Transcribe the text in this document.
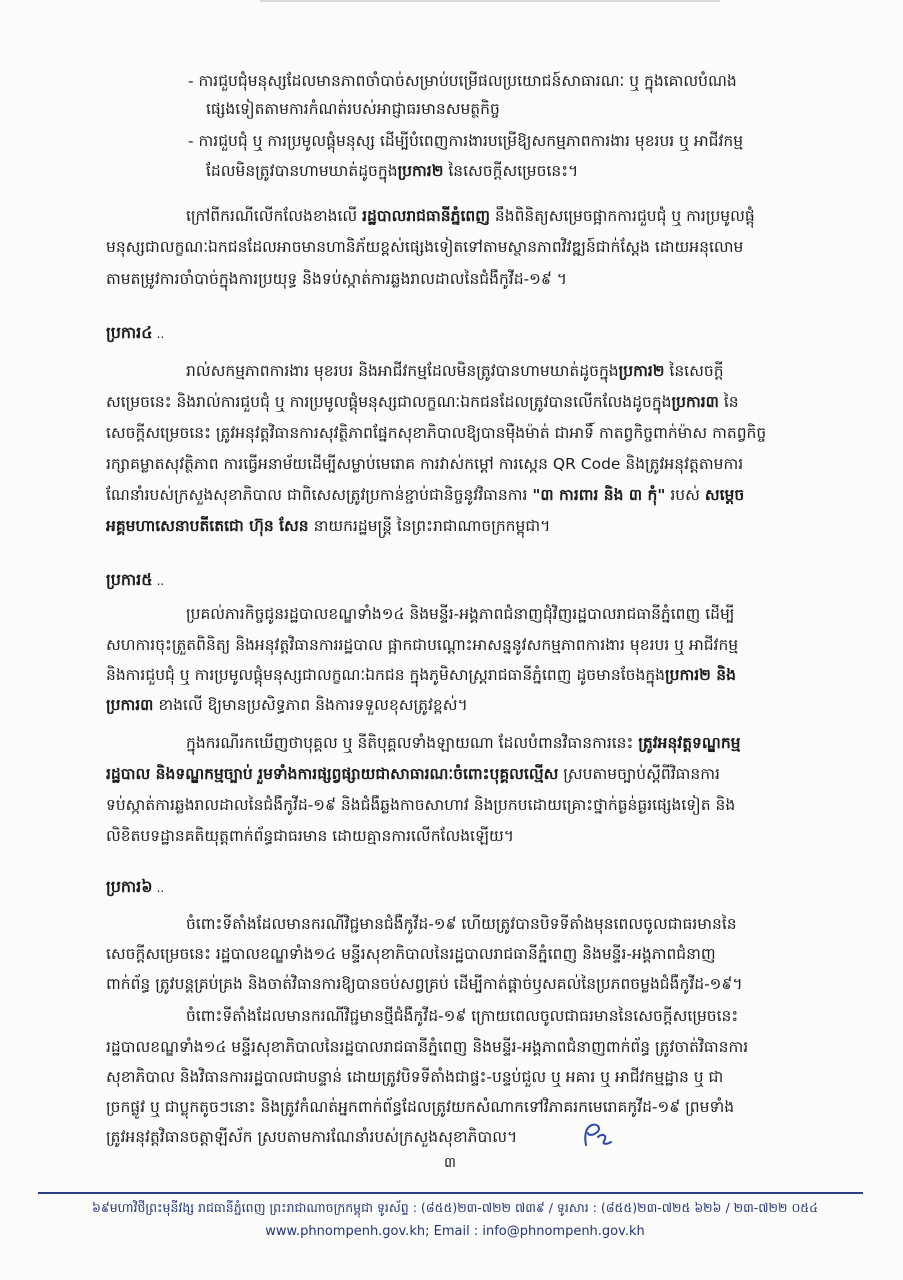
- ការជួបជុំមនុស្សដែលមានភាពចាំបាច់សម្រាប់បម្រើផលប្រយោជន៍សាធារណៈ ឬ ក្នុងគោលបំណង
ផ្សេងទៀតតាមការកំណត់របស់អាជ្ញាធរមានសមត្ថកិច្ច
- ការជួបជុំ ឬ ការប្រមូលផ្តុំមនុស្ស ដើម្បីបំពេញការងារបម្រើឱ្យសកម្មភាពការងារ មុខរបរ ឬ អាជីវកម្ម
ដែលមិនត្រូវបានហាមឃាត់ដូចក្នុងប្រការ២ នៃសេចក្តីសម្រេចនេះ។
ក្រៅពីករណីលើកលែងខាងលើ រដ្ឋបាលរាជធានីភ្នំពេញ នឹងពិនិត្យសម្រេចផ្អាកការជួបជុំ ឬ ការប្រមូលផ្តុំ
មនុស្សជាលក្ខណៈឯកជនដែលអាចមានហានិភ័យខ្ពស់ផ្សេងទៀតទៅតាមស្ថានភាពវិវឌ្ឍន៍ជាក់ស្តែង ដោយអនុលោម
តាមតម្រូវការចាំបាច់ក្នុងការប្រយុទ្ធ និងទប់ស្កាត់ការឆ្លងរាលដាលនៃជំងឺកូវីដ-១៩ ។
ប្រការ៤ ..
រាល់សកម្មភាពការងារ មុខរបរ និងអាជីវកម្មដែលមិនត្រូវបានហាមឃាត់ដូចក្នុងប្រការ២ នៃសេចក្តី
សម្រេចនេះ និងរាល់ការជួបជុំ ឬ ការប្រមូលផ្តុំមនុស្សជាលក្ខណៈឯកជនដែលត្រូវបានលើកលែងដូចក្នុងប្រការ៣ នៃ
សេចក្តីសម្រេចនេះ ត្រូវអនុវត្តវិធានការសុវត្ថិភាពផ្នែកសុខាភិបាលឱ្យបានម៉ឺងម៉ាត់ ជាអាទិ៍ កាតព្វកិច្ចពាក់ម៉ាស កាតព្វកិច្ច
រក្សាគម្លាតសុវត្ថិភាព ការធ្វើអនាម័យដើម្បីសម្លាប់មេរោគ ការវាស់កម្តៅ ការស្កេន QR Code និងត្រូវអនុវត្តតាមការ
ណែនាំរបស់ក្រសួងសុខាភិបាល ជាពិសេសត្រូវប្រកាន់ខ្ជាប់ជានិច្ចនូវវិធានការ "៣ ការពារ និង ៣ កុំ" របស់ សម្តេច
អគ្គមហាសេនាបតីតេជោ ហ៊ុន សែន នាយករដ្ឋមន្ត្រី នៃព្រះរាជាណាចក្រកម្ពុជា។
ប្រការ៥ ..
ប្រគល់ភារកិច្ចជូនរដ្ឋបាលខណ្ឌទាំង១៤ និងមន្ទីរ-អង្គភាពជំនាញជុំវិញរដ្ឋបាលរាជធានីភ្នំពេញ ដើម្បី
សហការចុះត្រួតពិនិត្យ និងអនុវត្តវិធានការរដ្ឋបាល ផ្អាកជាបណ្តោះអាសន្ននូវសកម្មភាពការងារ មុខរបរ ឬ អាជីវកម្ម
និងការជួបជុំ ឬ ការប្រមូលផ្តុំមនុស្សជាលក្ខណៈឯកជន ក្នុងភូមិសាស្ត្ររាជធានីភ្នំពេញ ដូចមានចែងក្នុងប្រការ២ និង
ប្រការ៣ ខាងលើ ឱ្យមានប្រសិទ្ធភាព និងការទទួលខុសត្រូវខ្ពស់។
ក្នុងករណីរកឃើញថាបុគ្គល ឬ នីតិបុគ្គលទាំងឡាយណា ដែលបំពានវិធានការនេះ ត្រូវអនុវត្តទណ្ឌកម្ម
រដ្ឋបាល និងទណ្ឌកម្មច្បាប់ រួមទាំងការផ្សព្វផ្សាយជាសាធារណៈចំពោះបុគ្គលល្មើស ស្របតាមច្បាប់ស្តីពីវិធានការ
ទប់ស្កាត់ការឆ្លងរាលដាលនៃជំងឺកូវីដ-១៩ និងជំងឺឆ្លងកាចសាហាវ និងប្រកបដោយគ្រោះថ្នាក់ធ្ងន់ធ្ងរផ្សេងទៀត និង
លិខិតបទដ្ឋានគតិយុត្តពាក់ព័ន្ធជាធរមាន ដោយគ្មានការលើកលែងឡើយ។
ប្រការ៦ ..
ចំពោះទីតាំងដែលមានករណីវិជ្ជមានជំងឺកូវីដ-១៩ ហើយត្រូវបានបិទទីតាំងមុនពេលចូលជាធរមាននៃ
សេចក្តីសម្រេចនេះ រដ្ឋបាលខណ្ឌទាំង១៤ មន្ទីរសុខាភិបាលនៃរដ្ឋបាលរាជធានីភ្នំពេញ និងមន្ទីរ-អង្គភាពជំនាញ
ពាក់ព័ន្ធ ត្រូវបន្តគ្រប់គ្រង និងចាត់វិធានការឱ្យបានចប់សព្វគ្រប់ ដើម្បីកាត់ផ្តាច់ឫសគល់នៃប្រភពចម្លងជំងឺកូវីដ-១៩។
ចំពោះទីតាំងដែលមានករណីវិជ្ជមានថ្មីជំងឺកូវីដ-១៩ ក្រោយពេលចូលជាធរមាននៃសេចក្តីសម្រេចនេះ
រដ្ឋបាលខណ្ឌទាំង១៤ មន្ទីរសុខាភិបាលនៃរដ្ឋបាលរាជធានីភ្នំពេញ និងមន្ទីរ-អង្គភាពជំនាញពាក់ព័ន្ធ ត្រូវចាត់វិធានការ
សុខាភិបាល និងវិធានការរដ្ឋបាលជាបន្ទាន់ ដោយត្រូវបិទទីតាំងជាផ្ទះ-បន្ទប់ជួល ឬ អគារ ឬ អាជីវកម្មដ្ឋាន ឬ ជា
ច្រកផ្លូវ ឬ ជាប្លុកតូចៗនោះ និងត្រូវកំណត់អ្នកពាក់ព័ន្ធដែលត្រូវយកសំណាកទៅវិភាគរកមេរោគកូវីដ-១៩ ព្រមទាំង
ត្រូវអនុវត្តវិធានចត្តាឡីស័ក ស្របតាមការណែនាំរបស់ក្រសួងសុខាភិបាល។
៣
៦៩មហាវិថីព្រះមុនីវង្ស រាជធានីភ្នំពេញ ព្រះរាជាណាចក្រកម្ពុជា ទូរស័ព្ទ : (៨៥៥)២៣-៧២២ ៧៣៩ / ទូរសារ : (៨៥៥)២៣-៧២៥ ៦២៦ / ២៣-៧២២ ០៥៤
www.phnompenh.gov.kh; Email : info@phnompenh.gov.kh
